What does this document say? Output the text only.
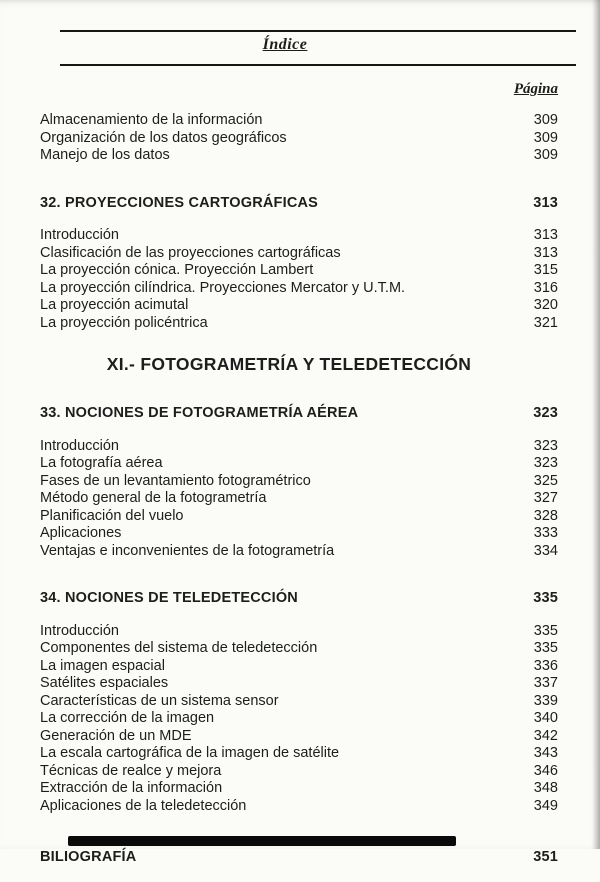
Índice
Página
Almacenamiento de la información	309
Organización de los datos geográficos	309
Manejo de los datos	309
32. PROYECCIONES CARTOGRÁFICAS	313
Introducción	313
Clasificación de las proyecciones cartográficas	313
La proyección cónica. Proyección Lambert	315
La proyección cilíndrica. Proyecciones Mercator y U.T.M.	316
La proyección acimutal	320
La proyección policéntrica	321
XI.- FOTOGRAMETRÍA Y TELEDETECCIÓN
33. NOCIONES DE FOTOGRAMETRÍA AÉREA	323
Introducción	323
La fotografía aérea	323
Fases de un levantamiento fotogramétrico	325
Método general de la fotogrametría	327
Planificación del vuelo	328
Aplicaciones	333
Ventajas e inconvenientes de la fotogrametría	334
34. NOCIONES DE TELEDETECCIÓN	335
Introducción	335
Componentes del sistema de teledetección	335
La imagen espacial	336
Satélites espaciales	337
Características de un sistema sensor	339
La corrección de la imagen	340
Generación de un MDE	342
La escala cartográfica de la imagen de satélite	343
Técnicas de realce y mejora	346
Extracción de la información	348
Aplicaciones de la teledetección	349
BILIOGRAFÍA	351
